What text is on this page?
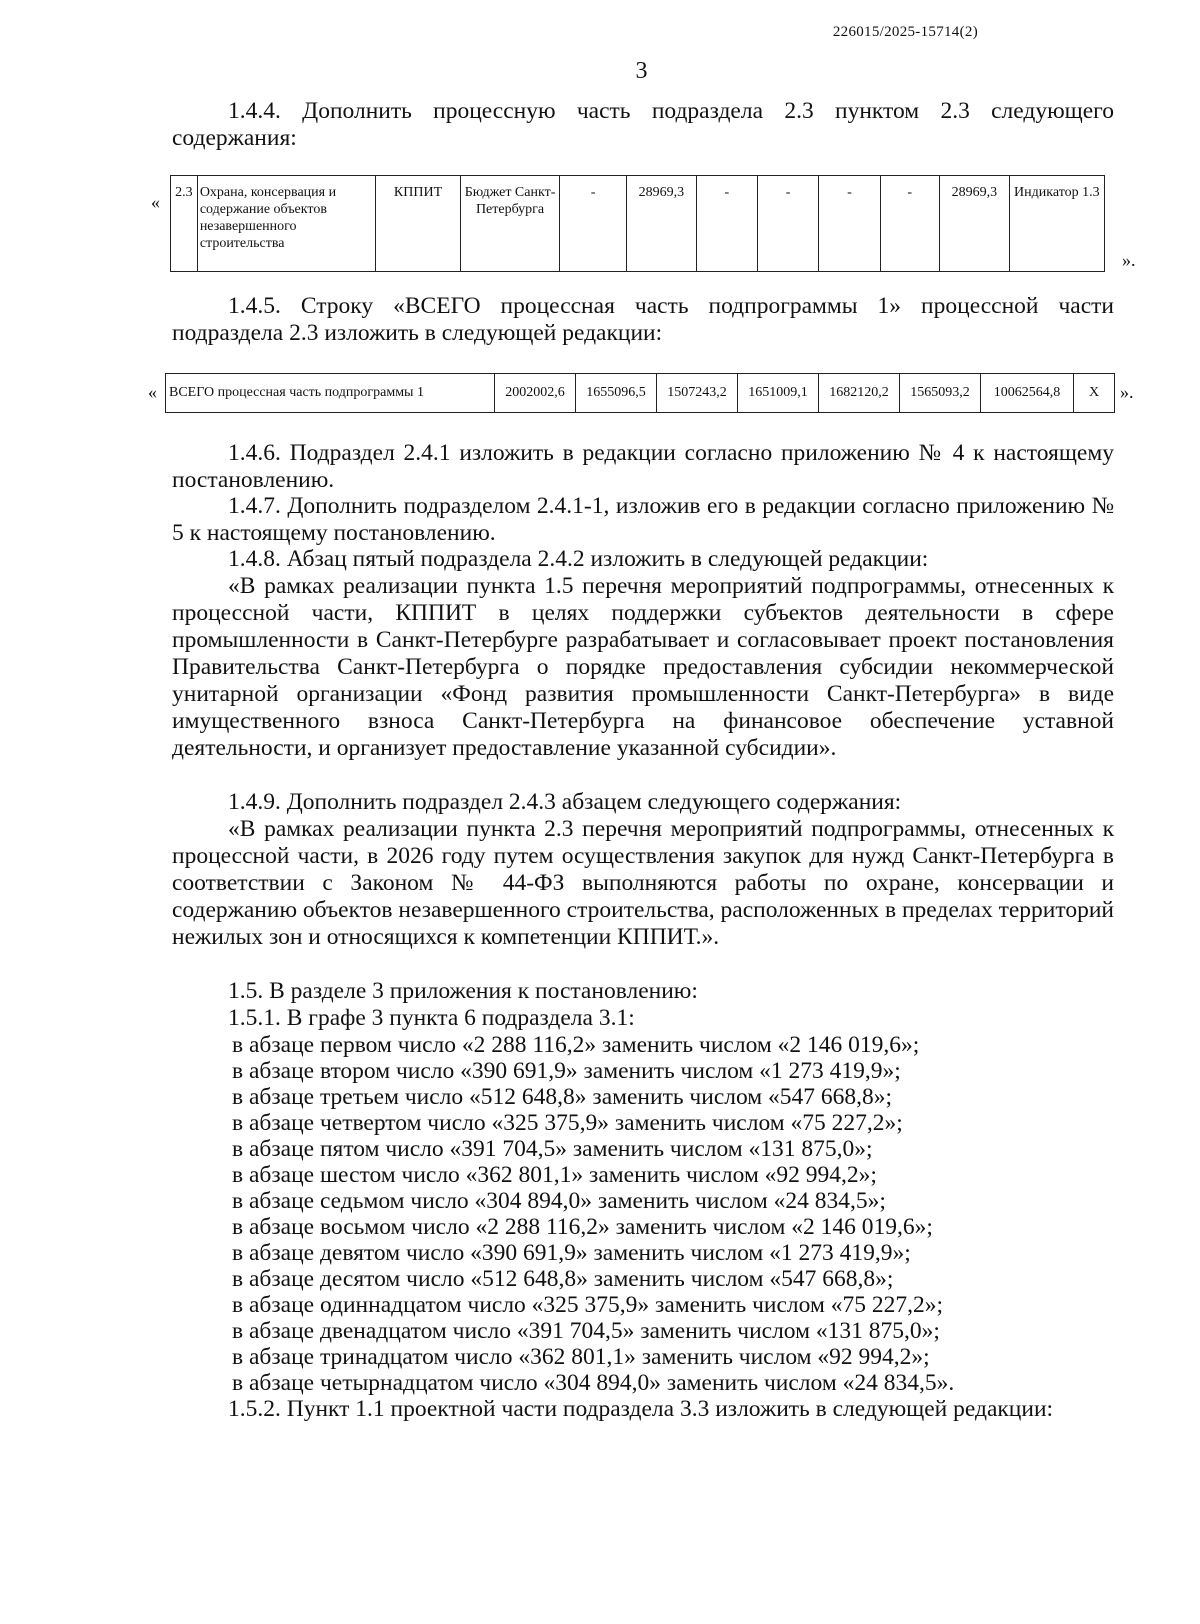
226015/2025-15714(2)
3
1.4.4. Дополнить процессную часть подраздела 2.3 пунктом 2.3 следующего содержания:
« 2.3	Охрана, консервация и содержание объектов незавершенного строительства	КППИТ	Бюджет Санкт-Петербурга	-	28969,3	-	-	-	-	28969,3	Индикатор 1.3
».
1.4.5. Строку «ВСЕГО процессная часть подпрограммы 1» процессной части подраздела 2.3 изложить в следующей редакции:
« ВСЕГО процессная часть подпрограммы 1	2002002,6	1655096,5	1507243,2	1651009,1	1682120,2	1565093,2	10062564,8	X ».
1.4.6. Подраздел 2.4.1 изложить в редакции согласно приложению № 4 к настоящему постановлению.
1.4.7. Дополнить подразделом 2.4.1-1, изложив его в редакции согласно приложению № 5 к настоящему постановлению.
1.4.8. Абзац пятый подраздела 2.4.2 изложить в следующей редакции:
«В рамках реализации пункта 1.5 перечня мероприятий подпрограммы, отнесенных к процессной части, КППИТ в целях поддержки субъектов деятельности в сфере промышленности в Санкт-Петербурге разрабатывает и согласовывает проект постановления Правительства Санкт-Петербурга о порядке предоставления субсидии некоммерческой унитарной организации «Фонд развития промышленности Санкт-Петербурга» в виде имущественного взноса Санкт-Петербурга на финансовое обеспечение уставной деятельности, и организует предоставление указанной субсидии».
1.4.9. Дополнить подраздел 2.4.3 абзацем следующего содержания:
«В рамках реализации пункта 2.3 перечня мероприятий подпрограммы, отнесенных к процессной части, в 2026 году путем осуществления закупок для нужд Санкт-Петербурга в соответствии с Законом № 44-ФЗ выполняются работы по охране, консервации и содержанию объектов незавершенного строительства, расположенных в пределах территорий нежилых зон и относящихся к компетенции КППИТ.».
1.5. В разделе 3 приложения к постановлению:
1.5.1. В графе 3 пункта 6 подраздела 3.1:
в абзаце первом число «2 288 116,2» заменить числом «2 146 019,6»;
в абзаце втором число «390 691,9» заменить числом «1 273 419,9»;
в абзаце третьем число «512 648,8» заменить числом «547 668,8»;
в абзаце четвертом число «325 375,9» заменить числом «75 227,2»;
в абзаце пятом число «391 704,5» заменить числом «131 875,0»;
в абзаце шестом число «362 801,1» заменить числом «92 994,2»;
в абзаце седьмом число «304 894,0» заменить числом «24 834,5»;
в абзаце восьмом число «2 288 116,2» заменить числом «2 146 019,6»;
в абзаце девятом число «390 691,9» заменить числом «1 273 419,9»;
в абзаце десятом число «512 648,8» заменить числом «547 668,8»;
в абзаце одиннадцатом число «325 375,9» заменить числом «75 227,2»;
в абзаце двенадцатом число «391 704,5» заменить числом «131 875,0»;
в абзаце тринадцатом число «362 801,1» заменить числом «92 994,2»;
в абзаце четырнадцатом число «304 894,0» заменить числом «24 834,5».
1.5.2. Пункт 1.1 проектной части подраздела 3.3 изложить в следующей редакции:
